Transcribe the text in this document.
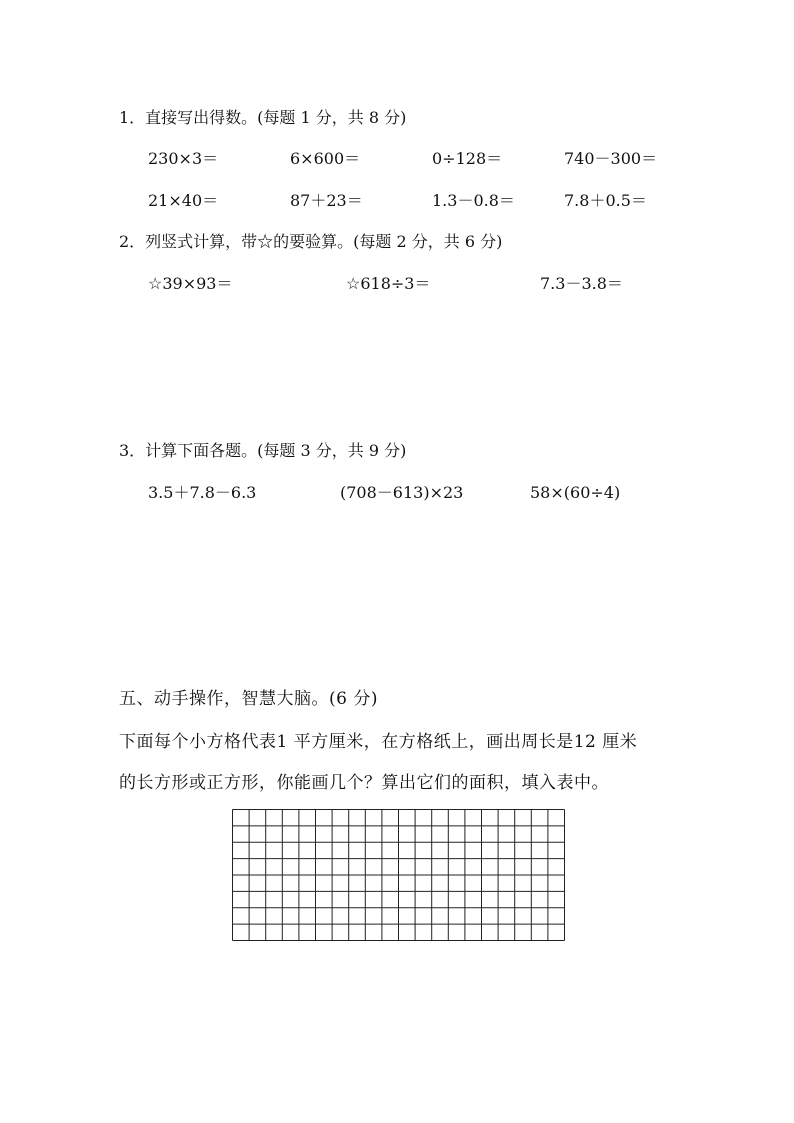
1．直接写出得数。(每题 1 分，共 8 分)
230×3＝	6×600＝	0÷128＝	740－300＝
21×40＝	87＋23＝	1.3－0.8＝	7.8＋0.5＝
2．列竖式计算，带☆的要验算。(每题 2 分，共 6 分)
☆39×93＝	☆618÷3＝	7.3－3.8＝
3．计算下面各题。(每题 3 分，共 9 分)
3.5＋7.8－6.3	(708－613)×23	58×(60÷4)
五、动手操作，智慧大脑。(6 分)
下面每个小方格代表1 平方厘米，在方格纸上，画出周长是12 厘米
的长方形或正方形，你能画几个？算出它们的面积，填入表中。
